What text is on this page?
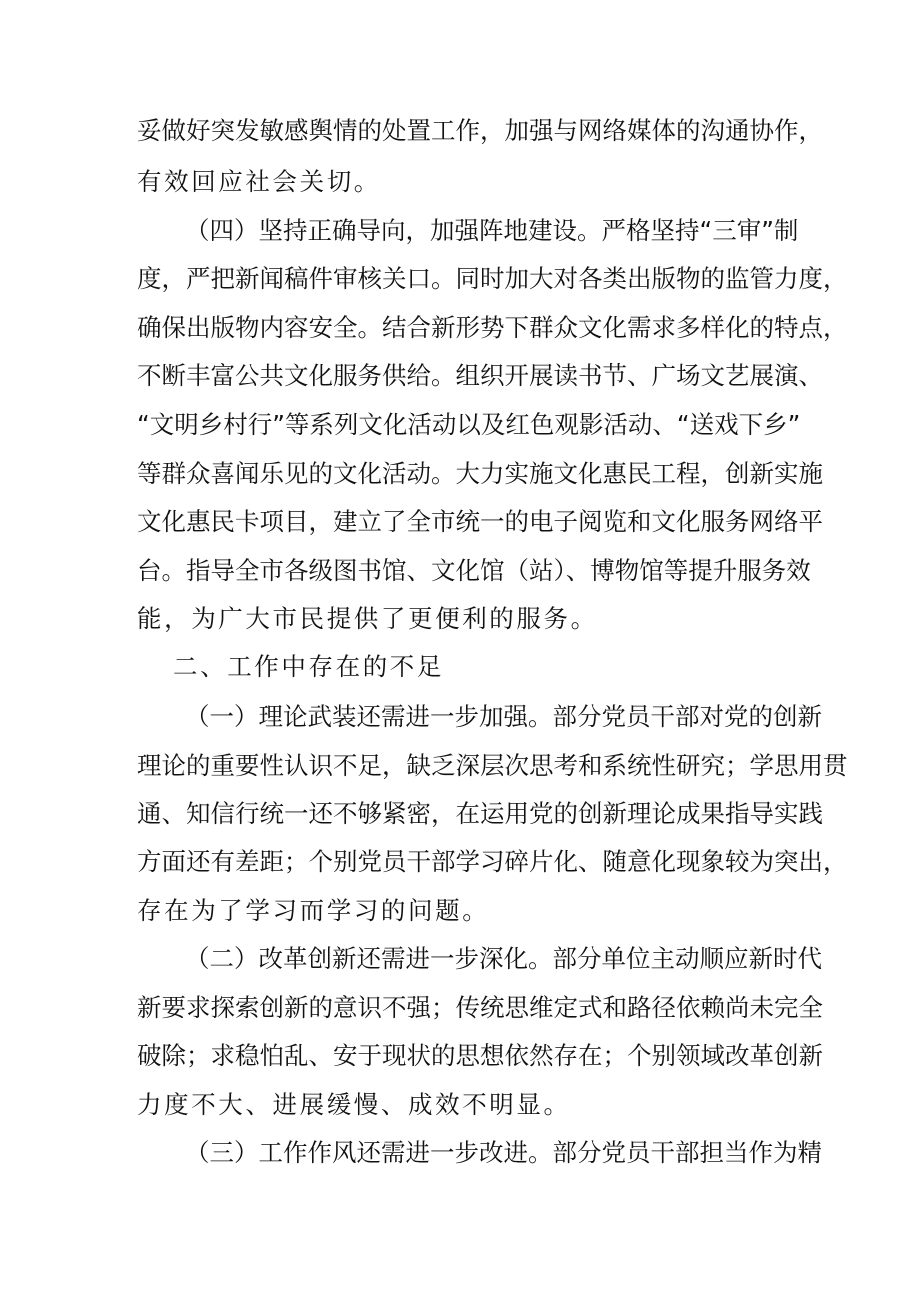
妥做好突发敏感舆情的处置工作，加强与网络媒体的沟通协作，
有效回应社会关切。
（四）坚持正确导向，加强阵地建设。严格坚持“三审”制
度，严把新闻稿件审核关口。同时加大对各类出版物的监管力度，
确保出版物内容安全。结合新形势下群众文化需求多样化的特点，
不断丰富公共文化服务供给。组织开展读书节、广场文艺展演、
“文明乡村行”等系列文化活动以及红色观影活动、“送戏下乡”
等群众喜闻乐见的文化活动。大力实施文化惠民工程，创新实施
文化惠民卡项目，建立了全市统一的电子阅览和文化服务网络平
台。指导全市各级图书馆、文化馆（站）、博物馆等提升服务效
能，为广大市民提供了更便利的服务。
二、工作中存在的不足
（一）理论武装还需进一步加强。部分党员干部对党的创新
理论的重要性认识不足，缺乏深层次思考和系统性研究；学思用贯
通、知信行统一还不够紧密，在运用党的创新理论成果指导实践
方面还有差距；个别党员干部学习碎片化、随意化现象较为突出，
存在为了学习而学习的问题。
（二）改革创新还需进一步深化。部分单位主动顺应新时代
新要求探索创新的意识不强；传统思维定式和路径依赖尚未完全
破除；求稳怕乱、安于现状的思想依然存在；个别领域改革创新
力度不大、进展缓慢、成效不明显。
（三）工作作风还需进一步改进。部分党员干部担当作为精
